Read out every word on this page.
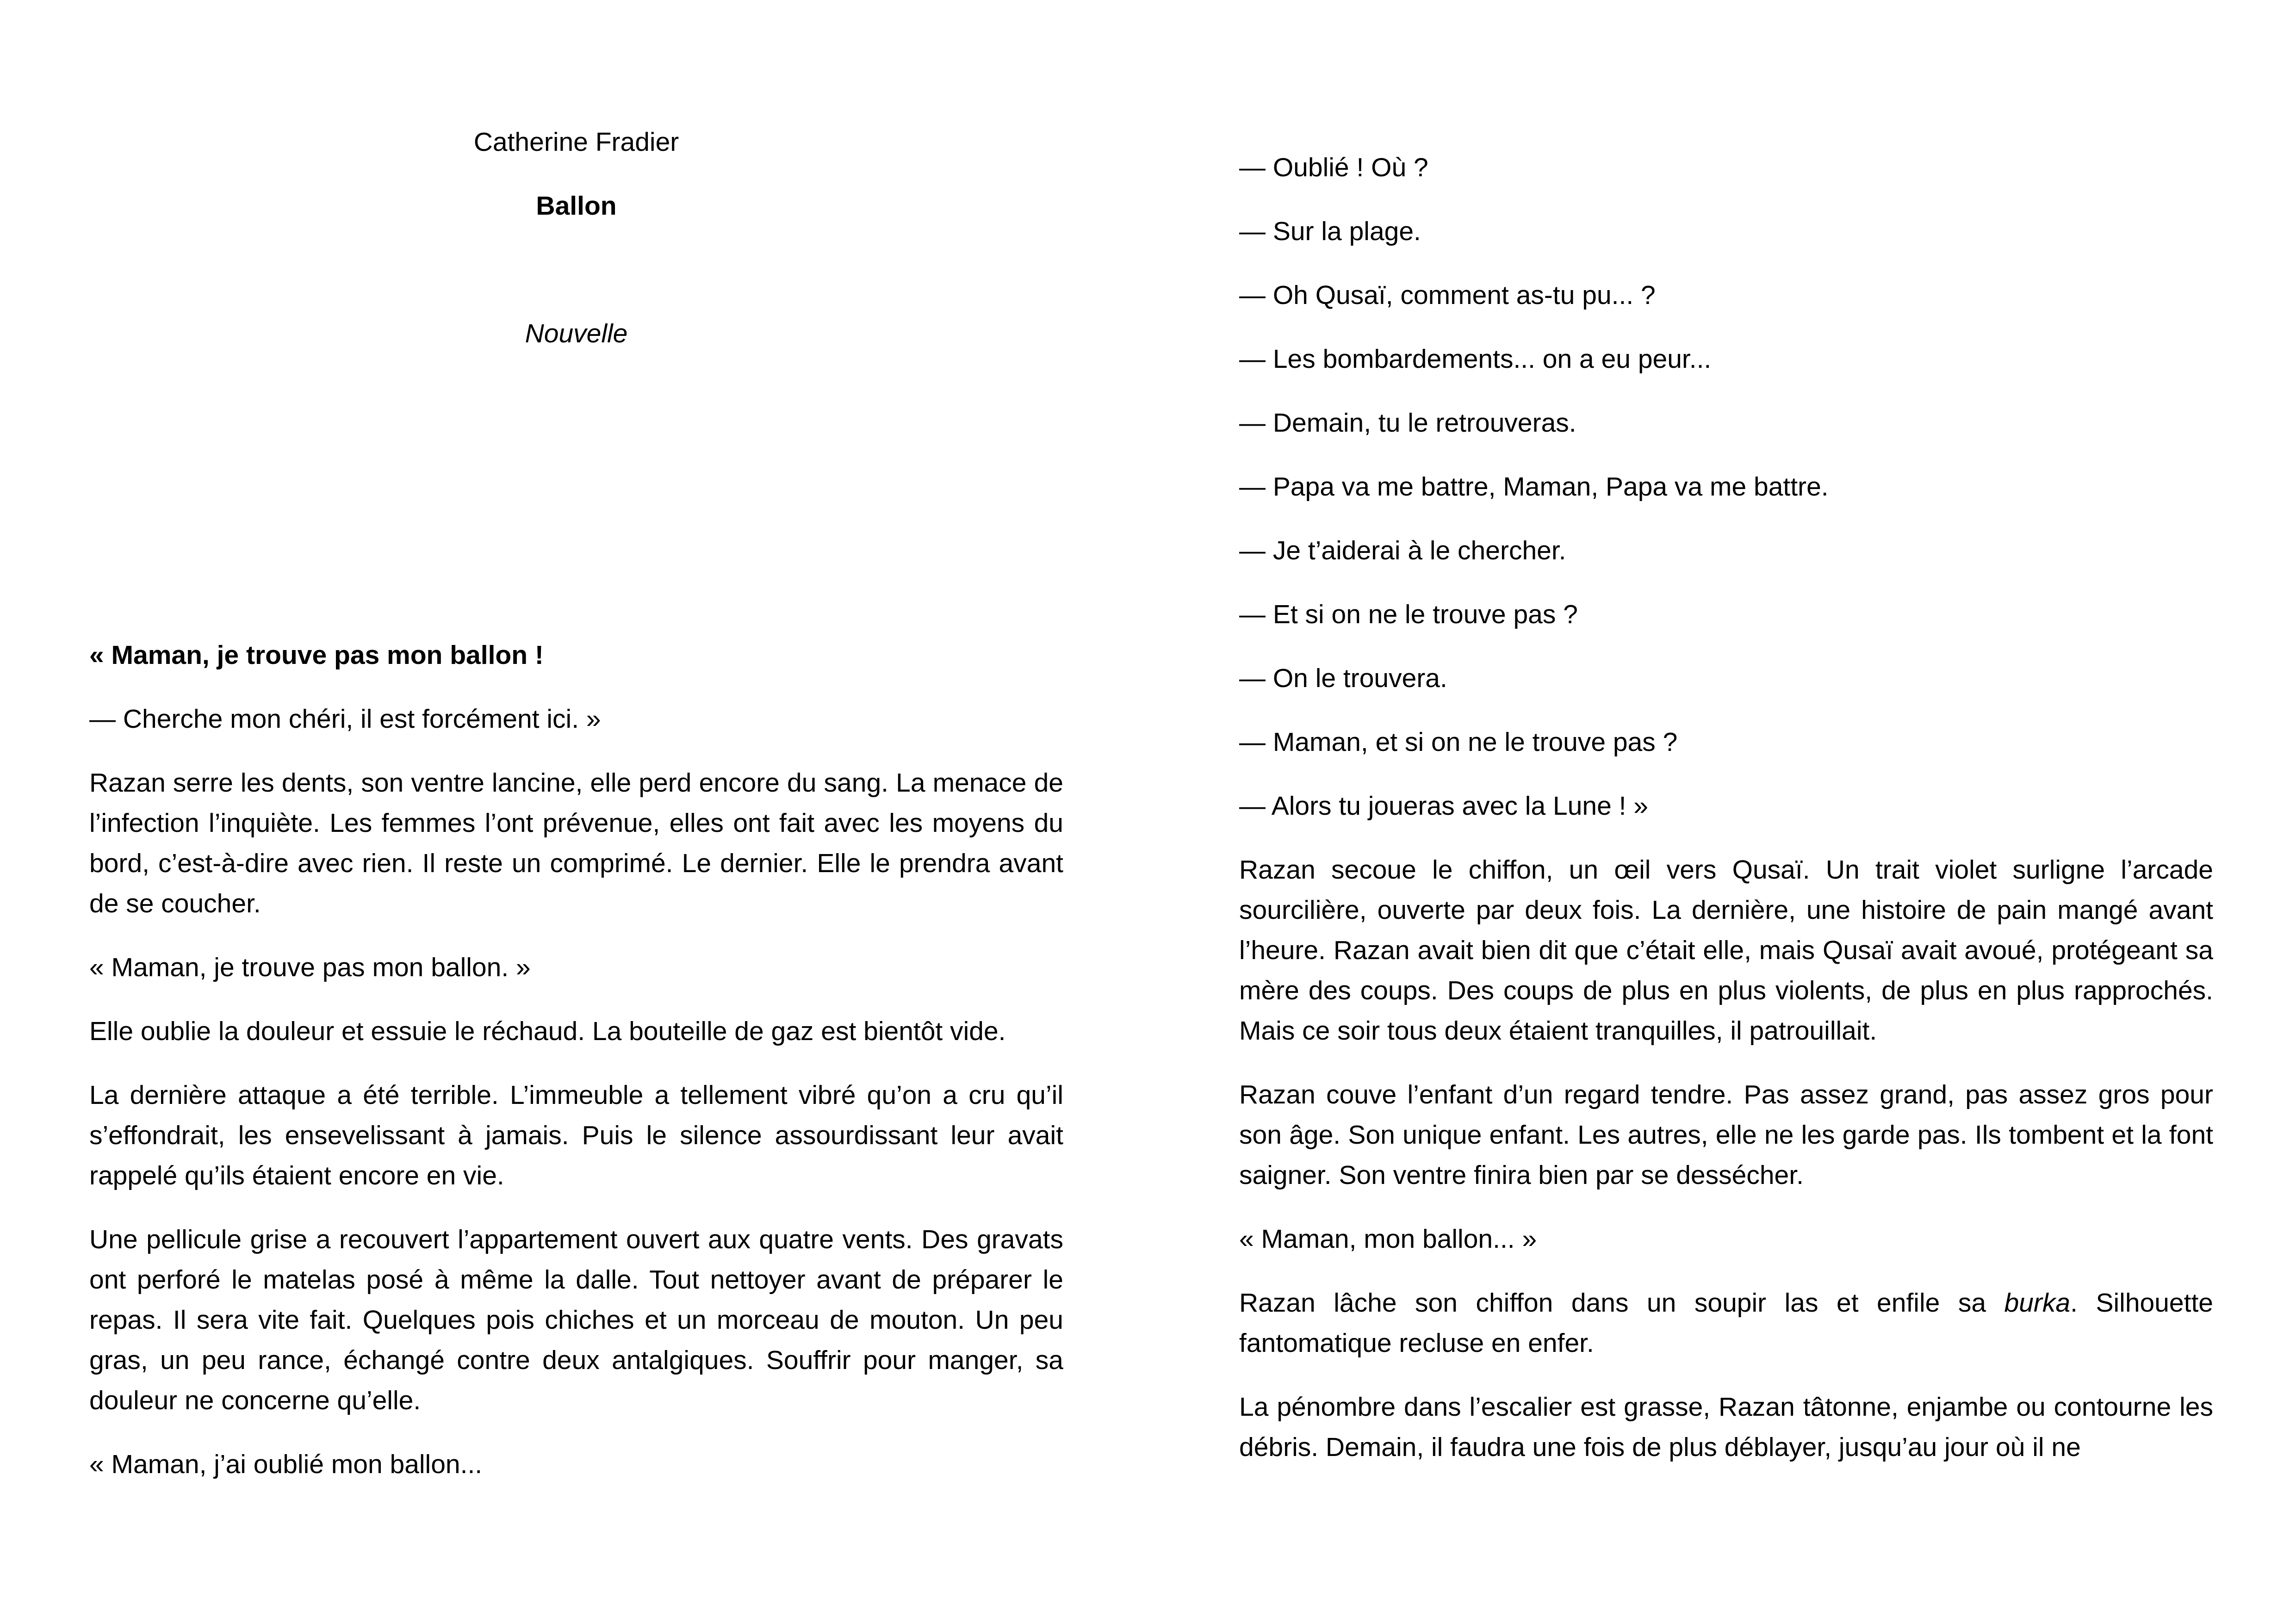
Catherine Fradier
Ballon
Nouvelle

« Maman, je trouve pas mon ballon !

— Cherche mon chéri, il est forcément ici. »

Razan serre les dents, son ventre lancine, elle perd encore du sang. La menace de l’infection l’inquiète. Les femmes l’ont prévenue, elles ont fait avec les moyens du bord, c’est-à-dire avec rien. Il reste un comprimé. Le dernier. Elle le prendra avant de se coucher.

« Maman, je trouve pas mon ballon. »

Elle oublie la douleur et essuie le réchaud. La bouteille de gaz est bientôt vide.

La dernière attaque a été terrible. L’immeuble a tellement vibré qu’on a cru qu’il s’effondrait, les ensevelissant à jamais. Puis le silence assourdissant leur avait rappelé qu’ils étaient encore en vie.

Une pellicule grise a recouvert l’appartement ouvert aux quatre vents. Des gravats ont perforé le matelas posé à même la dalle. Tout nettoyer avant de préparer le repas. Il sera vite fait. Quelques pois chiches et un morceau de mouton. Un peu gras, un peu rance, échangé contre deux antalgiques. Souffrir pour manger, sa douleur ne concerne qu’elle.

« Maman, j’ai oublié mon ballon...

— Oublié ! Où ?

— Sur la plage.

— Oh Qusaï, comment as-tu pu... ?

— Les bombardements... on a eu peur...

— Demain, tu le retrouveras.

— Papa va me battre, Maman, Papa va me battre.

— Je t’aiderai à le chercher.

— Et si on ne le trouve pas ?

— On le trouvera.

— Maman, et si on ne le trouve pas ?

— Alors tu joueras avec la Lune ! »

Razan secoue le chiffon, un œil vers Qusaï. Un trait violet surligne l’arcade sourcilière, ouverte par deux fois. La dernière, une histoire de pain mangé avant l’heure. Razan avait bien dit que c’était elle, mais Qusaï avait avoué, protégeant sa mère des coups. Des coups de plus en plus violents, de plus en plus rapprochés. Mais ce soir tous deux étaient tranquilles, il patrouillait.

Razan couve l’enfant d’un regard tendre. Pas assez grand, pas assez gros pour son âge. Son unique enfant. Les autres, elle ne les garde pas. Ils tombent et la font saigner. Son ventre finira bien par se dessécher.

« Maman, mon ballon... »

Razan lâche son chiffon dans un soupir las et enfile sa burka. Silhouette fantomatique recluse en enfer.

La pénombre dans l’escalier est grasse, Razan tâtonne, enjambe ou contourne les débris. Demain, il faudra une fois de plus déblayer, jusqu’au jour où il ne
